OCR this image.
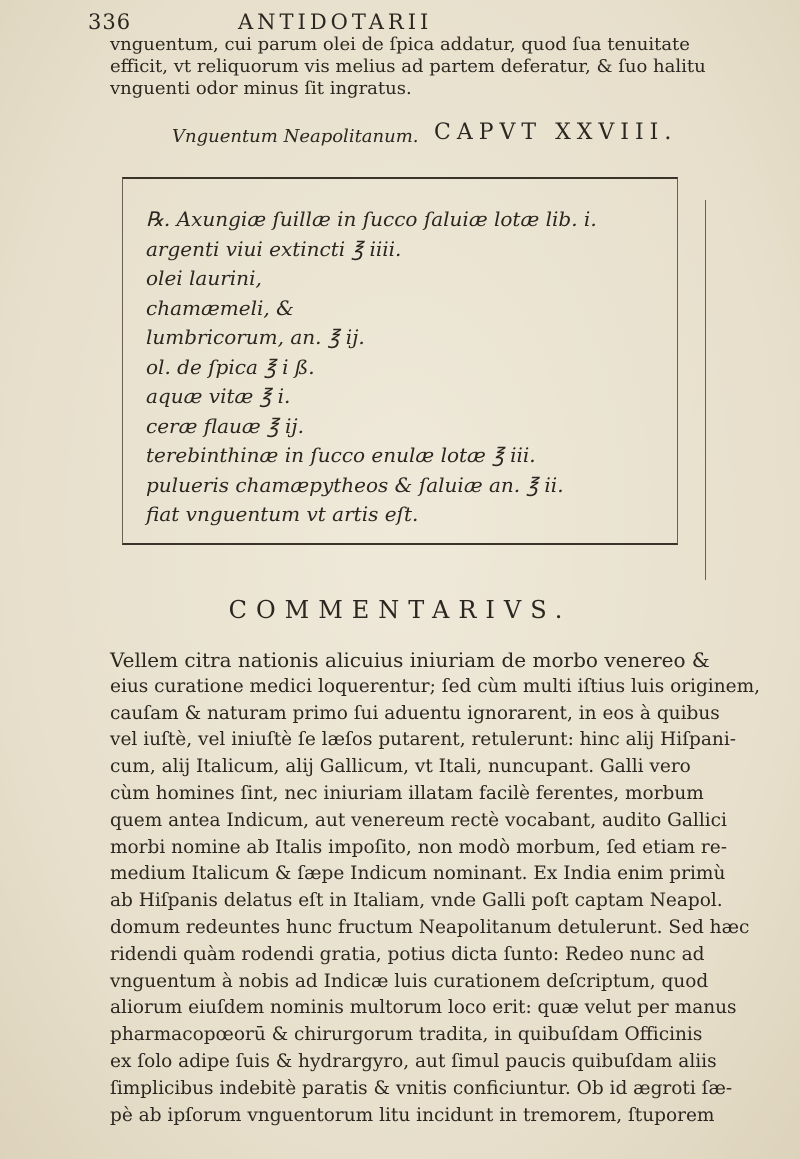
336	ANTIDOTARII
vnguentum, cui parum olei de ſpica addatur, quod ſua tenuitate
efficit, vt reliquorum vis melius ad partem deferatur, & ſuo halitu
vnguenti odor minus ſit ingratus.
Vnguentum Neapolitanum. CAPVT XXVIII.
℞. Axungiæ ſuillæ in ſucco ſaluiæ lotæ lib. i.
argenti viui extincti ℥ iiii.
olei laurini,
chamæmeli, &
lumbricorum, an. ℥ ij.
ol. de ſpica ℥ i ß.
aquæ vitæ ℥ i.
ceræ flauæ ℥ ij.
terebinthinæ in ſucco enulæ lotæ ℥ iii.
pulueris chamæpytheos & ſaluiæ an. ℥ ii.
fiat vnguentum vt artis eſt.
COMMENTARIVS.
Vellem citra nationis alicuius iniuriam de morbo venereo &
eius curatione medici loquerentur; ſed cùm multi iſtius luis originem,
cauſam & naturam primo ſui aduentu ignorarent, in eos à quibus
vel iuſtè, vel iniuſtè ſe læſos putarent, retulerunt: hinc alij Hiſpani-
cum, alij Italicum, alij Gallicum, vt Itali, nuncupant. Galli vero
cùm homines ſint, nec iniuriam illatam facilè ferentes, morbum
quem antea Indicum, aut venereum rectè vocabant, audito Gallici
morbi nomine ab Italis impoſito, non modò morbum, ſed etiam re-
medium Italicum & ſæpe Indicum nominant. Ex India enim primù
ab Hiſpanis delatus eſt in Italiam, vnde Galli poſt captam Neapol.
domum redeuntes hunc fructum Neapolitanum detulerunt. Sed hæc
ridendi quàm rodendi gratia, potius dicta ſunto: Redeo nunc ad
vnguentum à nobis ad Indicæ luis curationem deſcriptum, quod
aliorum eiuſdem nominis multorum loco erit: quæ velut per manus
pharmacopœorū & chirurgorum tradita, in quibuſdam Officinis
ex ſolo adipe ſuis & hydrargyro, aut ſimul paucis quibuſdam aliis
ſimplicibus indebitè paratis & vnitis conficiuntur. Ob id ægroti ſæ-
pè ab ipſorum vnguentorum litu incidunt in tremorem, ſtuporem
